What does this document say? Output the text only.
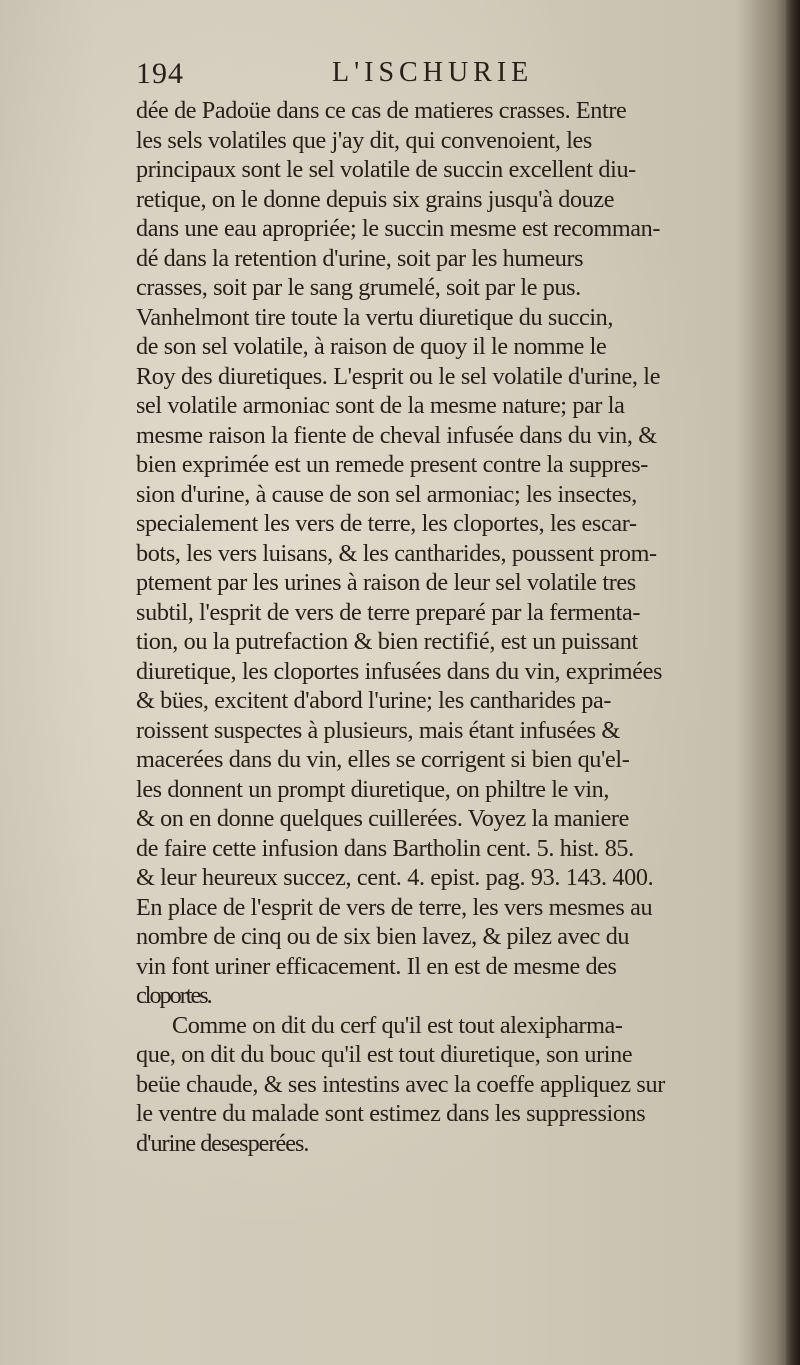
194	L'ISCHURIE
dée de Padoüe dans ce cas de matieres crasses. Entre
les sels volatiles que j'ay dit, qui convenoient, les
principaux sont le sel volatile de succin excellent diu-
retique, on le donne depuis six grains jusqu'à douze
dans une eau apropriée; le succin mesme est recomman-
dé dans la retention d'urine, soit par les humeurs
crasses, soit par le sang grumelé, soit par le pus.
Vanhelmont tire toute la vertu diuretique du succin,
de son sel volatile, à raison de quoy il le nomme le
Roy des diuretiques. L'esprit ou le sel volatile d'urine, le
sel volatile armoniac sont de la mesme nature; par la
mesme raison la fiente de cheval infusée dans du vin, &
bien exprimée est un remede present contre la suppres-
sion d'urine, à cause de son sel armoniac; les insectes,
specialement les vers de terre, les cloportes, les escar-
bots, les vers luisans, & les cantharides, poussent prom-
ptement par les urines à raison de leur sel volatile tres
subtil, l'esprit de vers de terre preparé par la fermenta-
tion, ou la putrefaction & bien rectifié, est un puissant
diuretique, les cloportes infusées dans du vin, exprimées
& bües, excitent d'abord l'urine; les cantharides pa-
roissent suspectes à plusieurs, mais étant infusées &
macerées dans du vin, elles se corrigent si bien qu'el-
les donnent un prompt diuretique, on philtre le vin,
& on en donne quelques cuillerées. Voyez la maniere
de faire cette infusion dans Bartholin cent. 5. hist. 85.
& leur heureux succez, cent. 4. epist. pag. 93. 143. 400.
En place de l'esprit de vers de terre, les vers mesmes au
nombre de cinq ou de six bien lavez, & pilez avec du
vin font uriner efficacement. Il en est de mesme des
cloportes.
Comme on dit du cerf qu'il est tout alexipharma-
que, on dit du bouc qu'il est tout diuretique, son urine
beüe chaude, & ses intestins avec la coeffe appliquez sur
le ventre du malade sont estimez dans les suppressions
d'urine desesperées.
